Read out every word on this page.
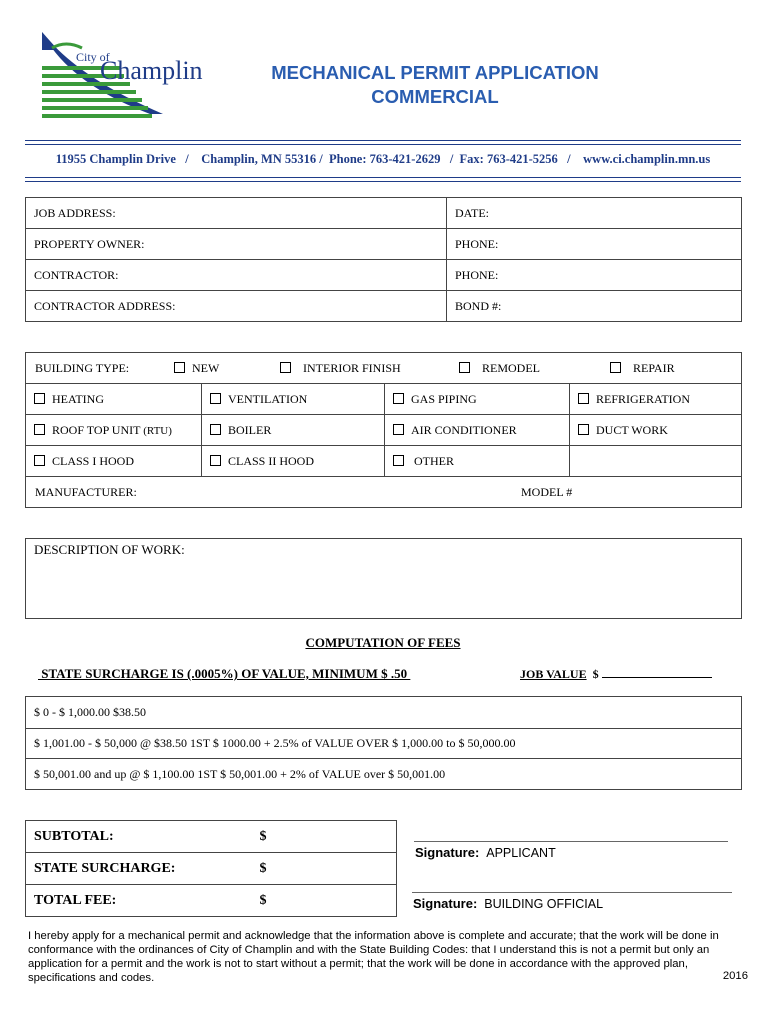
City of
Champlin	MECHANICAL PERMIT APPLICATION
COMMERCIAL
11955 Champlin Drive   /    Champlin, MN 55316 /  Phone: 763-421-2629   /  Fax: 763-421-5256   /    www.ci.champlin.mn.us
JOB ADDRESS:	DATE:
PROPERTY OWNER:	PHONE:
CONTRACTOR:	PHONE:
CONTRACTOR ADDRESS:	BOND #:
BUILDING TYPE: NEW INTERIOR FINISH REMODEL REPAIR			

HEATING	VENTILATION	GAS PIPING	REFRIGERATION
ROOF TOP UNIT (RTU)	BOILER	AIR CONDITIONER	DUCT WORK
CLASS I HOOD	CLASS II HOOD	OTHER	

MANUFACTURER: MODEL #			
DESCRIPTION OF WORK:
COMPUTATION OF FEES
STATE SURCHARGE IS (.0005%) OF VALUE, MINIMUM $ .50	JOB VALUE $
$ 0 - $ 1,000.00 $38.50
$ 1,001.00 - $ 50,000 @ $38.50 1ST $ 1000.00 + 2.5% of VALUE OVER $ 1,000.00 to $ 50,000.00
$ 50,001.00 and up @ $ 1,100.00 1ST $ 50,001.00 + 2% of VALUE over $ 50,001.00
SUBTOTAL:	$
STATE SURCHARGE:	$
TOTAL FEE:	$
Signature: APPLICANT
Signature: BUILDING OFFICIAL
I hereby apply for a mechanical permit and acknowledge that the information above is complete and accurate; that the work will be done in conformance with the ordinances of City of Champlin and with the State Building Codes: that I understand this is not a permit but only an application for a permit and the work is not to start without a permit; that the work will be done in accordance with the approved plan, specifications and codes.	2016
